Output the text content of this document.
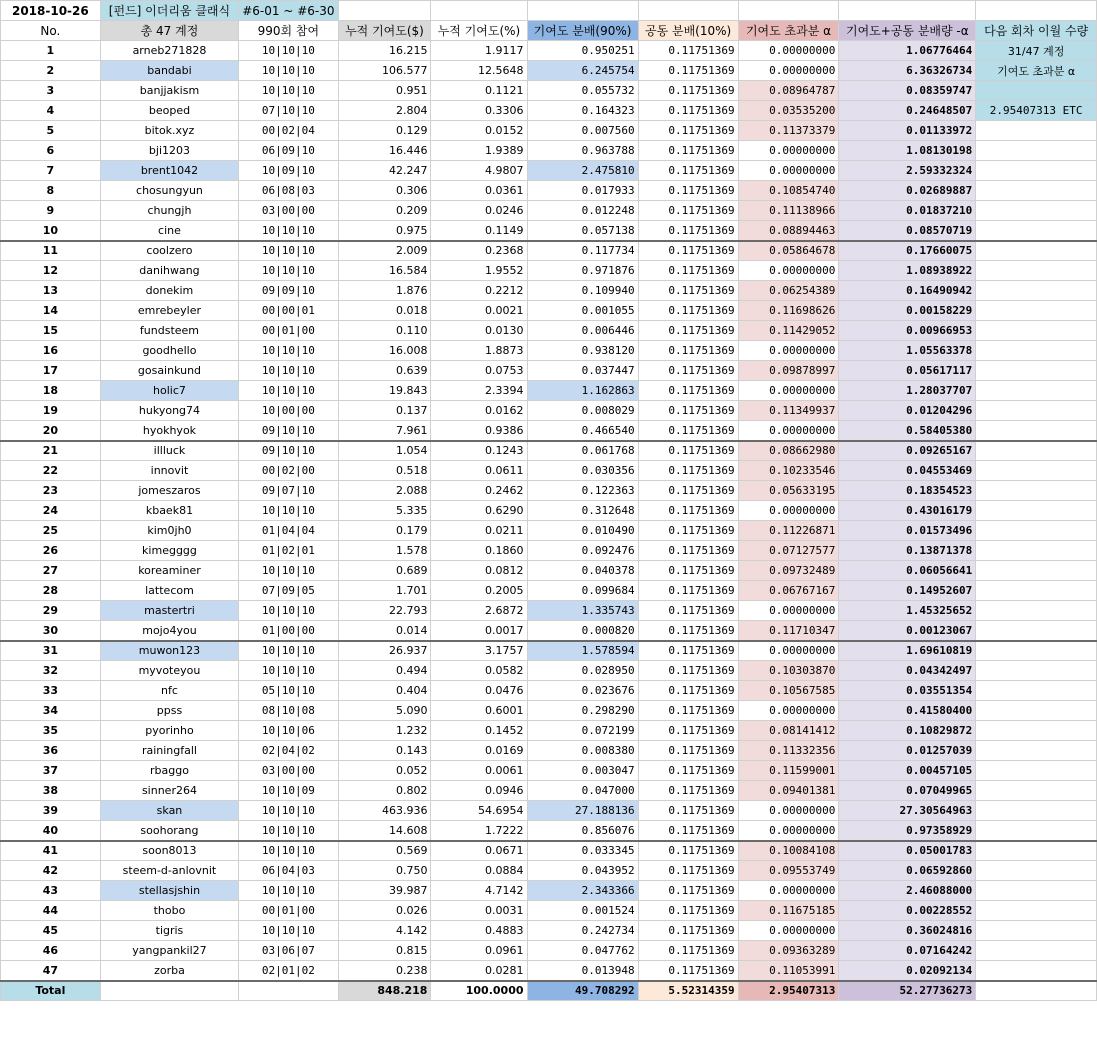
2018-10-26	[펀드] 이더리움 클래식	#6-01 ~ #6-30							
No.	총 47 계정	990회 참여	누적 기여도($)	누적 기여도(%)	기여도 분배(90%)	공동 분배(10%)	기여도 초과분 α	기여도+공동 분배량 -α	다음 회차 이월 수량
1	arneb271828	10|10|10	16.215	1.9117	0.950251	0.11751369	0.00000000	1.06776464	31/47 계정
2	bandabi	10|10|10	106.577	12.5648	6.245754	0.11751369	0.00000000	6.36326734	기여도 초과분 α
3	banjjakism	10|10|10	0.951	0.1121	0.055732	0.11751369	0.08964787	0.08359747	
4	beoped	07|10|10	2.804	0.3306	0.164323	0.11751369	0.03535200	0.24648507	2.95407313 ETC
5	bitok.xyz	00|02|04	0.129	0.0152	0.007560	0.11751369	0.11373379	0.01133972	
6	bji1203	06|09|10	16.446	1.9389	0.963788	0.11751369	0.00000000	1.08130198	
7	brent1042	10|09|10	42.247	4.9807	2.475810	0.11751369	0.00000000	2.59332324	
8	chosungyun	06|08|03	0.306	0.0361	0.017933	0.11751369	0.10854740	0.02689887	
9	chungjh	03|00|00	0.209	0.0246	0.012248	0.11751369	0.11138966	0.01837210	
10	cine	10|10|10	0.975	0.1149	0.057138	0.11751369	0.08894463	0.08570719	
11	coolzero	10|10|10	2.009	0.2368	0.117734	0.11751369	0.05864678	0.17660075	
12	danihwang	10|10|10	16.584	1.9552	0.971876	0.11751369	0.00000000	1.08938922	
13	donekim	09|09|10	1.876	0.2212	0.109940	0.11751369	0.06254389	0.16490942	
14	emrebeyler	00|00|01	0.018	0.0021	0.001055	0.11751369	0.11698626	0.00158229	
15	fundsteem	00|01|00	0.110	0.0130	0.006446	0.11751369	0.11429052	0.00966953	
16	goodhello	10|10|10	16.008	1.8873	0.938120	0.11751369	0.00000000	1.05563378	
17	gosainkund	10|10|10	0.639	0.0753	0.037447	0.11751369	0.09878997	0.05617117	
18	holic7	10|10|10	19.843	2.3394	1.162863	0.11751369	0.00000000	1.28037707	
19	hukyong74	10|00|00	0.137	0.0162	0.008029	0.11751369	0.11349937	0.01204296	
20	hyokhyok	09|10|10	7.961	0.9386	0.466540	0.11751369	0.00000000	0.58405380	
21	illluck	09|10|10	1.054	0.1243	0.061768	0.11751369	0.08662980	0.09265167	
22	innovit	00|02|00	0.518	0.0611	0.030356	0.11751369	0.10233546	0.04553469	
23	jomeszaros	09|07|10	2.088	0.2462	0.122363	0.11751369	0.05633195	0.18354523	
24	kbaek81	10|10|10	5.335	0.6290	0.312648	0.11751369	0.00000000	0.43016179	
25	kim0jh0	01|04|04	0.179	0.0211	0.010490	0.11751369	0.11226871	0.01573496	
26	kimegggg	01|02|01	1.578	0.1860	0.092476	0.11751369	0.07127577	0.13871378	
27	koreaminer	10|10|10	0.689	0.0812	0.040378	0.11751369	0.09732489	0.06056641	
28	lattecom	07|09|05	1.701	0.2005	0.099684	0.11751369	0.06767167	0.14952607	
29	mastertri	10|10|10	22.793	2.6872	1.335743	0.11751369	0.00000000	1.45325652	
30	mojo4you	01|00|00	0.014	0.0017	0.000820	0.11751369	0.11710347	0.00123067	
31	muwon123	10|10|10	26.937	3.1757	1.578594	0.11751369	0.00000000	1.69610819	
32	myvoteyou	10|10|10	0.494	0.0582	0.028950	0.11751369	0.10303870	0.04342497	
33	nfc	05|10|10	0.404	0.0476	0.023676	0.11751369	0.10567585	0.03551354	
34	ppss	08|10|08	5.090	0.6001	0.298290	0.11751369	0.00000000	0.41580400	
35	pyorinho	10|10|06	1.232	0.1452	0.072199	0.11751369	0.08141412	0.10829872	
36	rainingfall	02|04|02	0.143	0.0169	0.008380	0.11751369	0.11332356	0.01257039	
37	rbaggo	03|00|00	0.052	0.0061	0.003047	0.11751369	0.11599001	0.00457105	
38	sinner264	10|10|09	0.802	0.0946	0.047000	0.11751369	0.09401381	0.07049965	
39	skan	10|10|10	463.936	54.6954	27.188136	0.11751369	0.00000000	27.30564963	
40	soohorang	10|10|10	14.608	1.7222	0.856076	0.11751369	0.00000000	0.97358929	
41	soon8013	10|10|10	0.569	0.0671	0.033345	0.11751369	0.10084108	0.05001783	
42	steem-d-anlovnit	06|04|03	0.750	0.0884	0.043952	0.11751369	0.09553749	0.06592860	
43	stellasjshin	10|10|10	39.987	4.7142	2.343366	0.11751369	0.00000000	2.46088000	
44	thobo	00|01|00	0.026	0.0031	0.001524	0.11751369	0.11675185	0.00228552	
45	tigris	10|10|10	4.142	0.4883	0.242734	0.11751369	0.00000000	0.36024816	
46	yangpankil27	03|06|07	0.815	0.0961	0.047762	0.11751369	0.09363289	0.07164242	
47	zorba	02|01|02	0.238	0.0281	0.013948	0.11751369	0.11053991	0.02092134	
Total			848.218	100.0000	49.708292	5.52314359	2.95407313	52.27736273	
